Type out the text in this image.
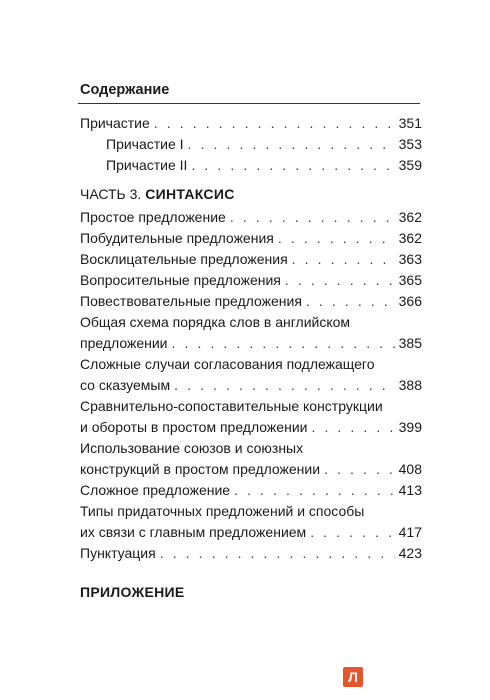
Содержание
Причастие . . .	351
Причастие I . . .	353
Причастие II . . .	359
ЧАСТЬ 3. СИНТАКСИС
Простое предложение . . .	362
Побудительные предложения . . .	362
Восклицательные предложения . . .	363
Вопросительные предложения . . .	365
Повествовательные предложения . . .	366
Общая схема порядка слов в английском
предложении . . .	385
Сложные случаи согласования подлежащего
со сказуемым . . .	388
Сравнительно-сопоставительные конструкции
и обороты в простом предложении . . .	399
Использование союзов и союзных
конструкций в простом предложении . . .	408
Сложное предложение . . .	413
Типы придаточных предложений и способы
их связи с главным предложением . . .	417
Пунктуация . . .	423
ПРИЛОЖЕНИЕ
Л
